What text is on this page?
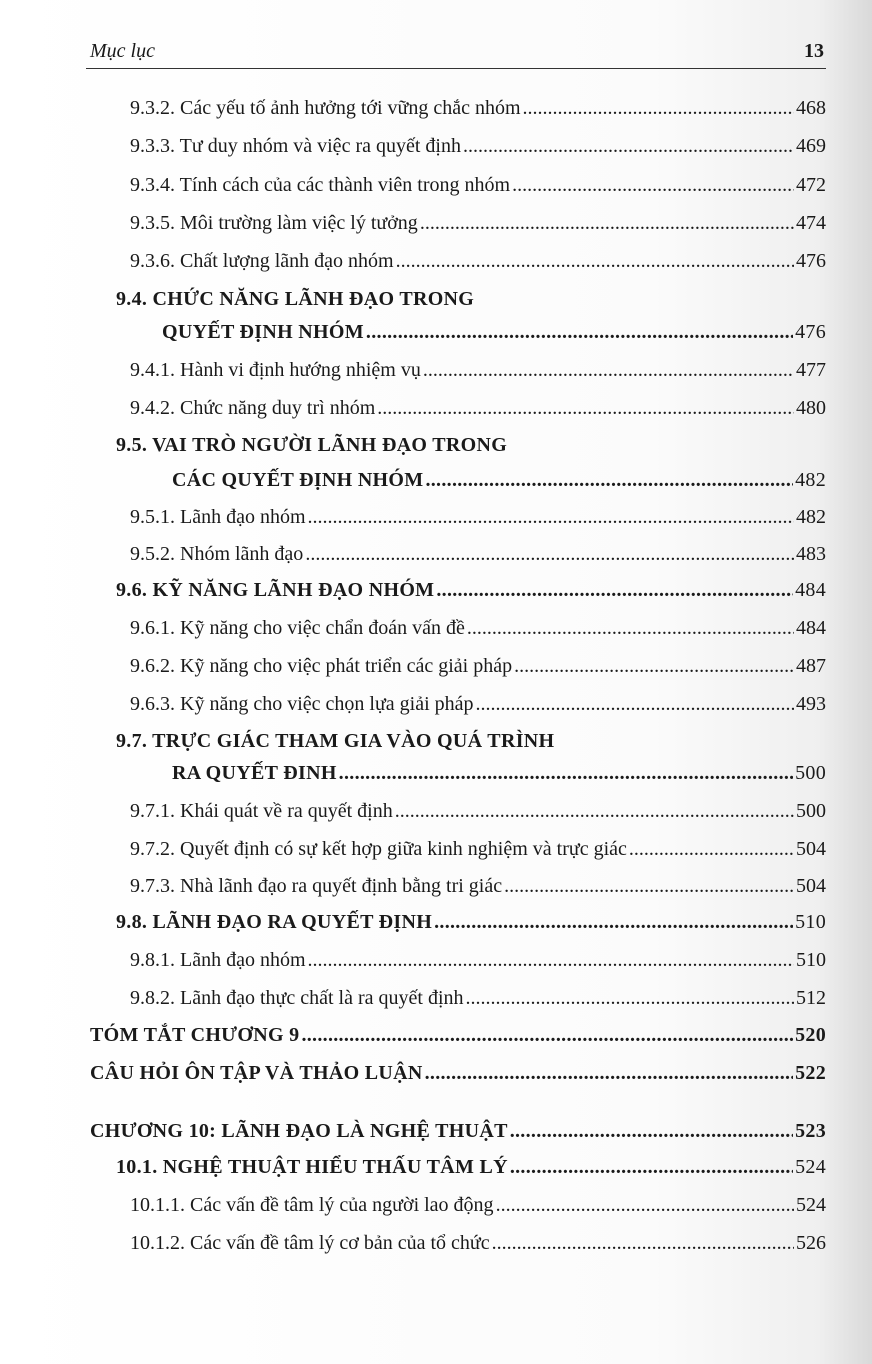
Mục lục	13
9.3.2. Các yếu tố ảnh hưởng tới vững chắc nhóm .....	468
9.3.3. Tư duy nhóm và việc ra quyết định .....	469
9.3.4. Tính cách của các thành viên trong nhóm .....	472
9.3.5. Môi trường làm việc lý tưởng .....	474
9.3.6. Chất lượng lãnh đạo nhóm .....	476
9.4. CHỨC NĂNG LÃNH ĐẠO TRONG
QUYẾT ĐỊNH NHÓM .....	476
9.4.1. Hành vi định hướng nhiệm vụ .....	477
9.4.2. Chức năng duy trì nhóm .....	480
9.5. VAI TRÒ NGƯỜI LÃNH ĐẠO TRONG
CÁC QUYẾT ĐỊNH NHÓM .....	482
9.5.1. Lãnh đạo nhóm .....	482
9.5.2. Nhóm lãnh đạo .....	483
9.6. KỸ NĂNG LÃNH ĐẠO NHÓM .....	484
9.6.1. Kỹ năng cho việc chẩn đoán vấn đề .....	484
9.6.2. Kỹ năng cho việc phát triển các giải pháp .....	487
9.6.3. Kỹ năng cho việc chọn lựa giải pháp .....	493
9.7. TRỰC GIÁC THAM GIA VÀO QUÁ TRÌNH
RA QUYẾT ĐINH .....	500
9.7.1. Khái quát về ra quyết định .....	500
9.7.2. Quyết định có sự kết hợp giữa kinh nghiệm và trực giác .....	504
9.7.3. Nhà lãnh đạo ra quyết định bằng tri giác .....	504
9.8. LÃNH ĐẠO RA QUYẾT ĐỊNH .....	510
9.8.1. Lãnh đạo nhóm .....	510
9.8.2. Lãnh đạo thực chất là ra quyết định .....	512
TÓM TẮT CHƯƠNG 9 .....	520
CÂU HỎI ÔN TẬP VÀ THẢO LUẬN .....	522
CHƯƠNG 10: LÃNH ĐẠO LÀ NGHỆ THUẬT .....	523
10.1. NGHỆ THUẬT HIỂU THẤU TÂM LÝ .....	524
10.1.1. Các vấn đề tâm lý của người lao động .....	524
10.1.2. Các vấn đề tâm lý cơ bản của tổ chức .....	526
